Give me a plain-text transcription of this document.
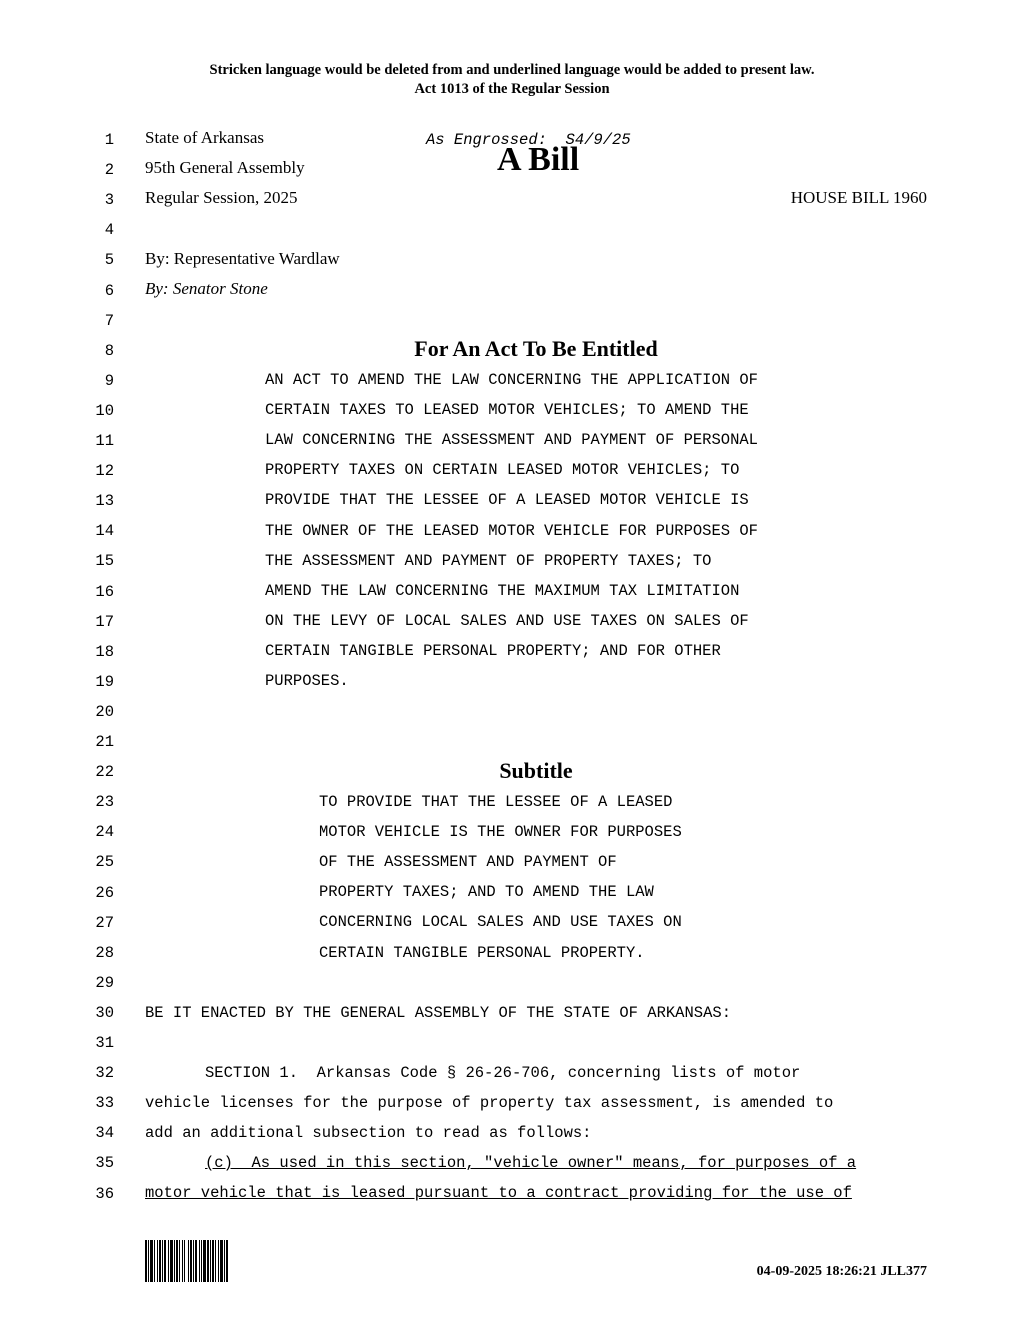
Stricken language would be deleted from and underlined language would be added to present law.
Act 1013 of the Regular Session
1
2
3
4
5
6
7
8
9
10
11
12
13
14
15
16
17
18
19
20
21
22
23
24
25
26
27
28
29
30
31
32
33
34
35
36
State of Arkansas	As Engrossed:  S4/9/25
95th General Assembly	A Bill
Regular Session, 2025	HOUSE BILL 1960
By: Representative Wardlaw
By: Senator Stone
For An Act To Be Entitled
AN ACT TO AMEND THE LAW CONCERNING THE APPLICATION OF
CERTAIN TAXES TO LEASED MOTOR VEHICLES; TO AMEND THE
LAW CONCERNING THE ASSESSMENT AND PAYMENT OF PERSONAL
PROPERTY TAXES ON CERTAIN LEASED MOTOR VEHICLES; TO
PROVIDE THAT THE LESSEE OF A LEASED MOTOR VEHICLE IS
THE OWNER OF THE LEASED MOTOR VEHICLE FOR PURPOSES OF
THE ASSESSMENT AND PAYMENT OF PROPERTY TAXES; TO
AMEND THE LAW CONCERNING THE MAXIMUM TAX LIMITATION
ON THE LEVY OF LOCAL SALES AND USE TAXES ON SALES OF
CERTAIN TANGIBLE PERSONAL PROPERTY; AND FOR OTHER
PURPOSES.
Subtitle
TO PROVIDE THAT THE LESSEE OF A LEASED
MOTOR VEHICLE IS THE OWNER FOR PURPOSES
OF THE ASSESSMENT AND PAYMENT OF
PROPERTY TAXES; AND TO AMEND THE LAW
CONCERNING LOCAL SALES AND USE TAXES ON
CERTAIN TANGIBLE PERSONAL PROPERTY.
BE IT ENACTED BY THE GENERAL ASSEMBLY OF THE STATE OF ARKANSAS:
SECTION 1.  Arkansas Code § 26-26-706, concerning lists of motor
vehicle licenses for the purpose of property tax assessment, is amended to
add an additional subsection to read as follows:
(c)  As used in this section, "vehicle owner" means, for purposes of a
motor vehicle that is leased pursuant to a contract providing for the use of
04-09-2025 18:26:21 JLL377
